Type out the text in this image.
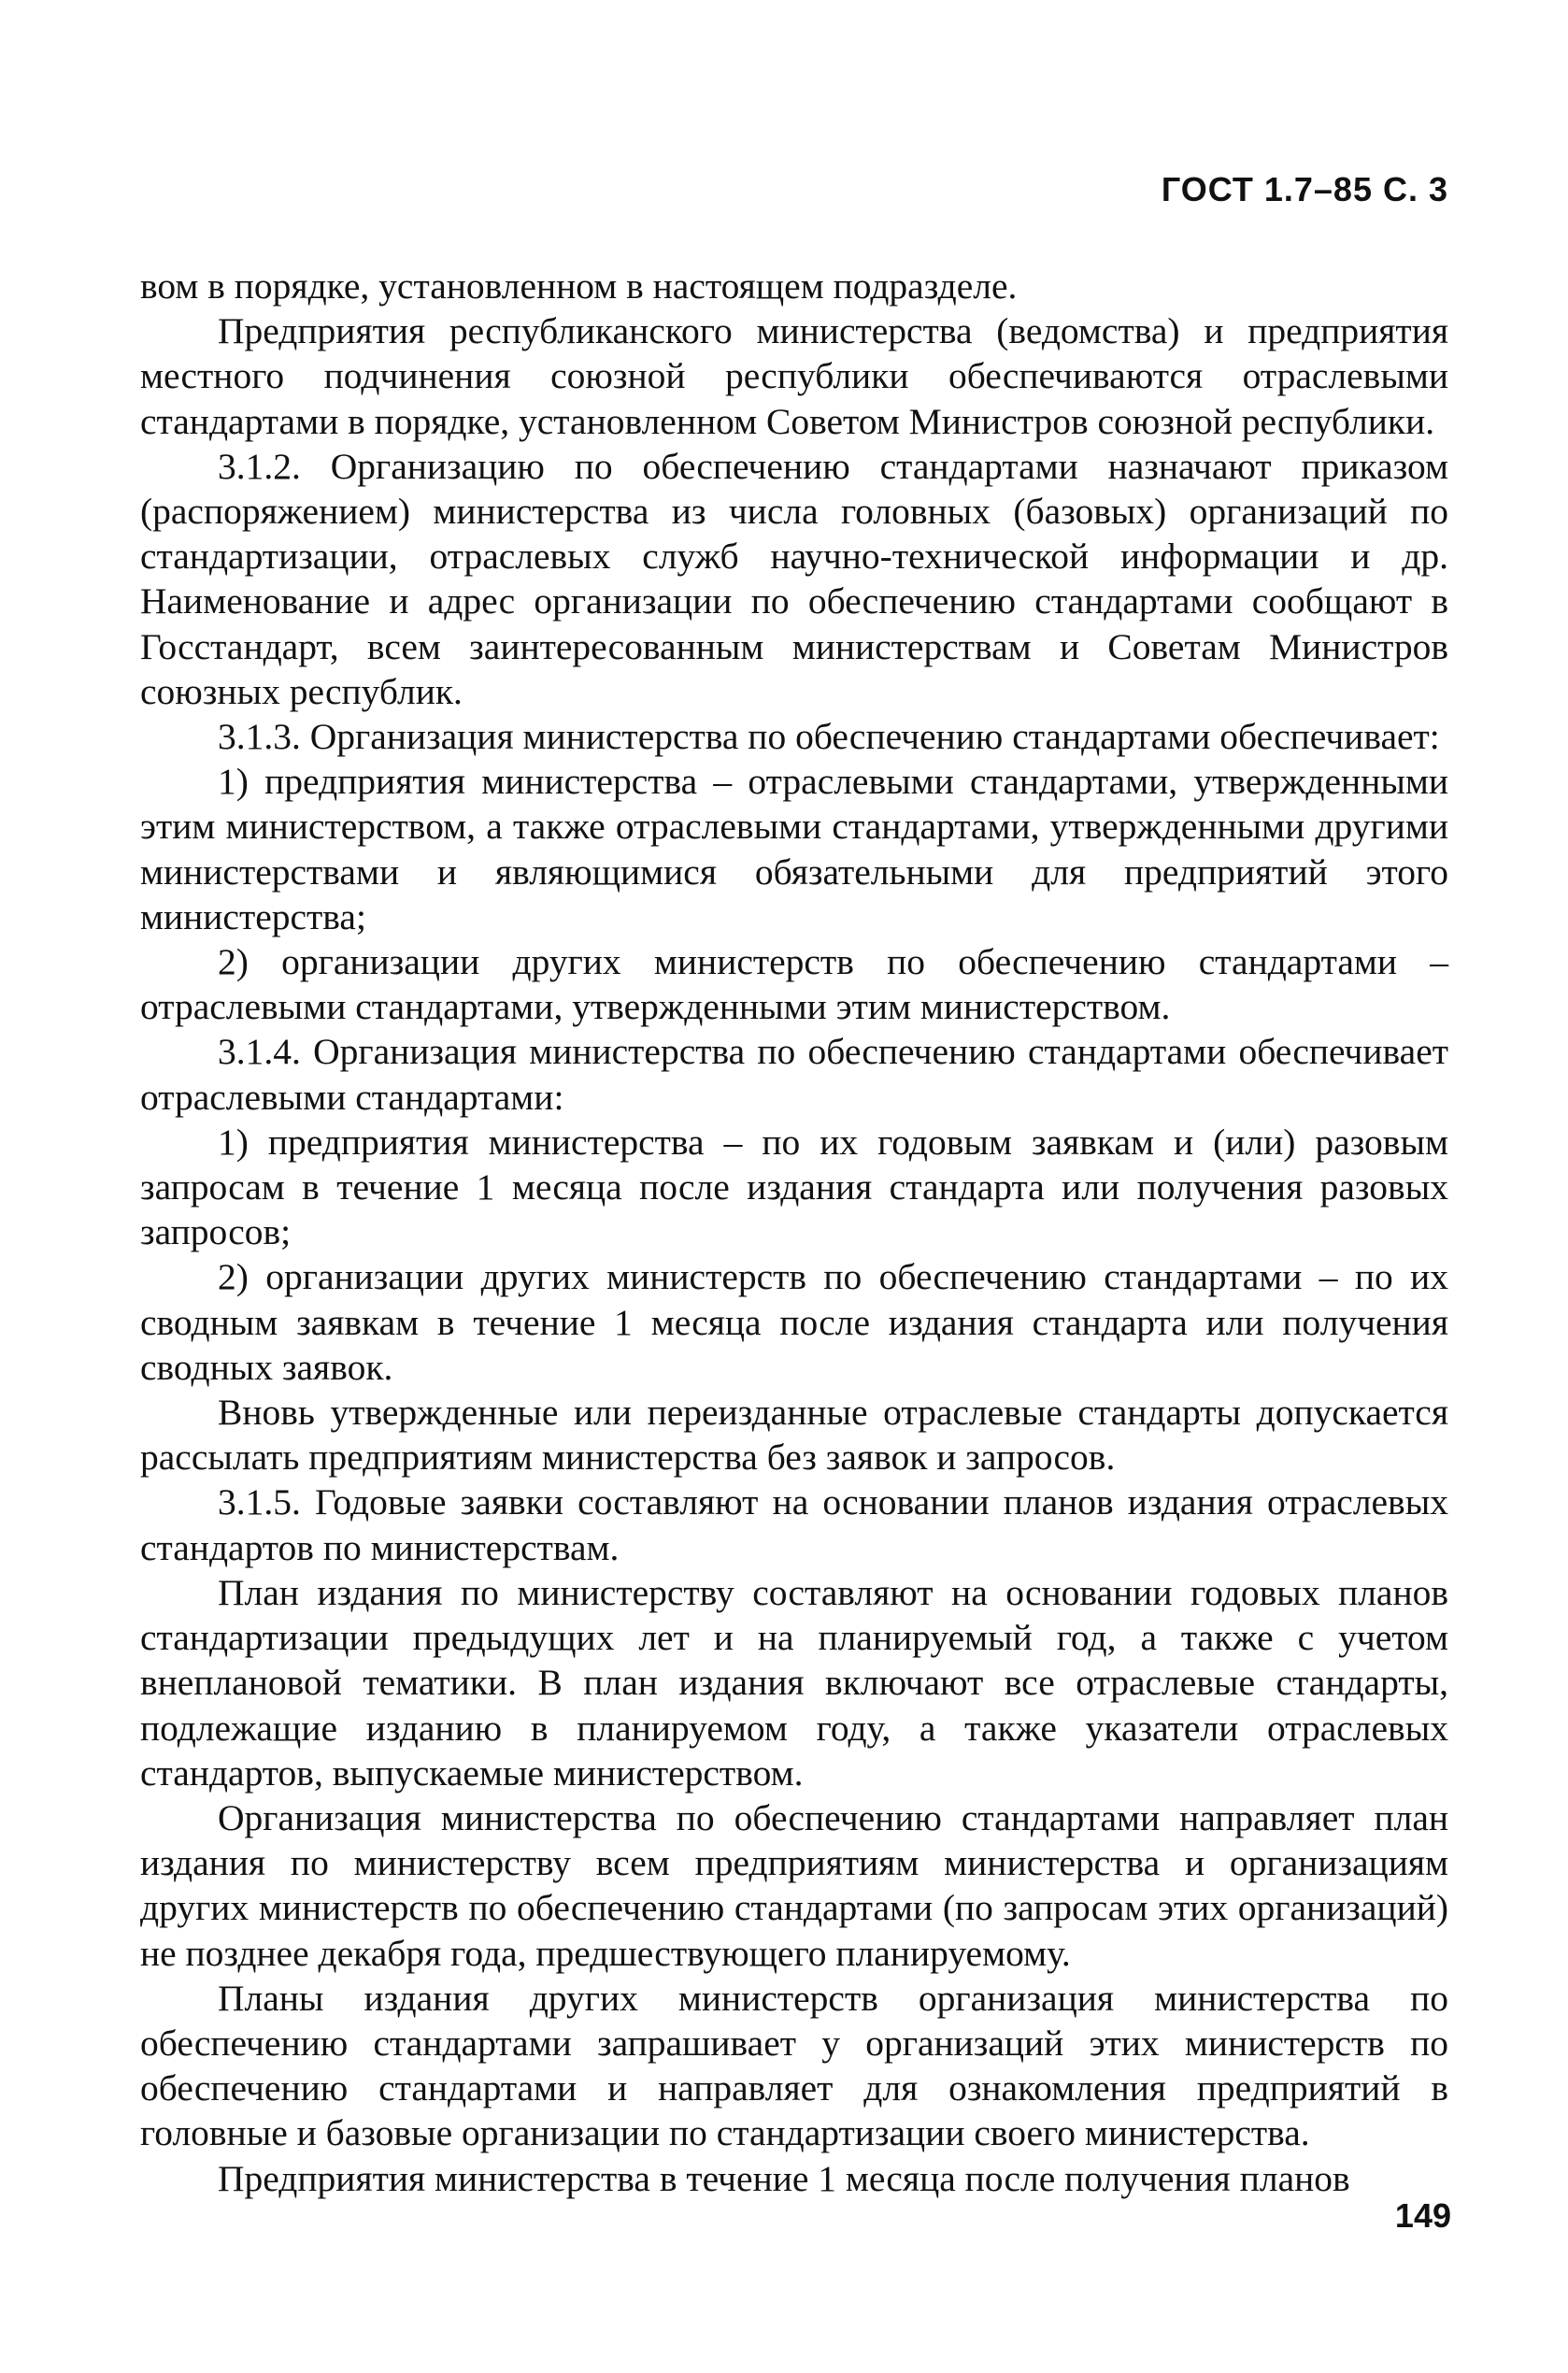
ГОСТ 1.7–85 С. 3

вом в порядке, установленном в настоящем подразделе.

Предприятия республиканского министерства (ведомства) и предприятия местного подчинения союзной республики обеспечиваются отраслевыми стандартами в порядке, установленном Советом Министров союзной республики.

3.1.2. Организацию по обеспечению стандартами назначают приказом (распоряжением) министерства из числа головных (базовых) организаций по стандартизации, отраслевых служб научно-технической информации и др. Наименование и адрес организации по обеспечению стандартами сообщают в Госстандарт, всем заинтересованным министерствам и Советам Министров союзных республик.

3.1.3. Организация министерства по обеспечению стандартами обеспечивает:

1) предприятия министерства – отраслевыми стандартами, утвержденными этим министерством, а также отраслевыми стандартами, утвержденными другими министерствами и являющимися обязательными для предприятий этого министерства;

2) организации других министерств по обеспечению стандартами – отраслевыми стандартами, утвержденными этим министерством.

3.1.4. Организация министерства по обеспечению стандартами обеспечивает отраслевыми стандартами:

1) предприятия министерства – по их годовым заявкам и (или) разовым запросам в течение 1 месяца после издания стандарта или получения разовых запросов;

2) организации других министерств по обеспечению стандартами – по их сводным заявкам в течение 1 месяца после издания стандарта или получения сводных заявок.

Вновь утвержденные или переизданные отраслевые стандарты допускается рассылать предприятиям министерства без заявок и запросов.

3.1.5. Годовые заявки составляют на основании планов издания отраслевых стандартов по министерствам.

План издания по министерству составляют на основании годовых планов стандартизации предыдущих лет и на планируемый год, а также с учетом внеплановой тематики. В план издания включают все отраслевые стандарты, подлежащие изданию в планируемом году, а также указатели отраслевых стандартов, выпускаемые министерством.

Организация министерства по обеспечению стандартами направляет план издания по министерству всем предприятиям министерства и организациям других министерств по обеспечению стандартами (по запросам этих организаций) не позднее декабря года, предшествующего планируемому.

Планы издания других министерств организация министерства по обеспечению стандартами запрашивает у организаций этих министерств по обеспечению стандартами и направляет для ознакомления предприятий в головные и базовые организации по стандартизации своего министерства.

Предприятия министерства в течение 1 месяца после получения планов

149
